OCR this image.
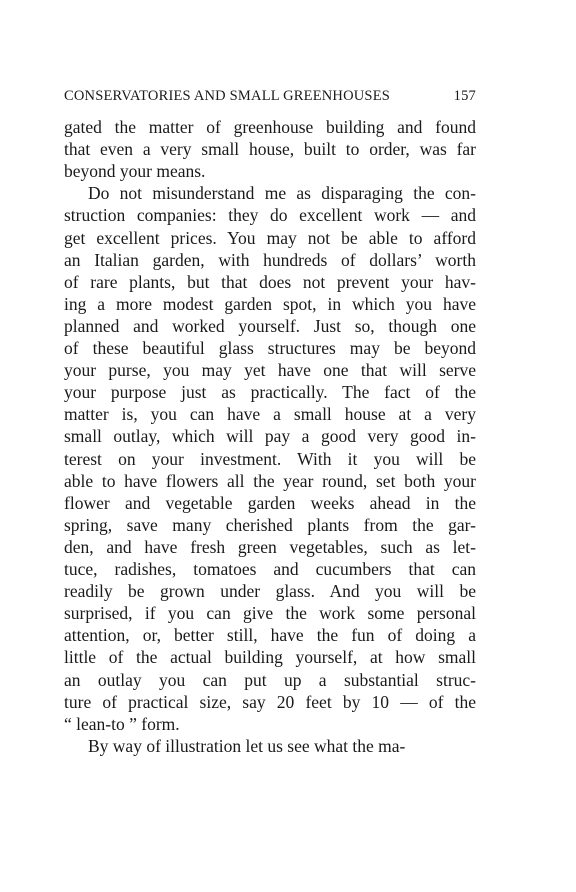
CONSERVATORIES AND SMALL GREENHOUSES	157
gated the matter of greenhouse building and found
that even a very small house, built to order, was far
beyond your means.
Do not misunderstand me as disparaging the con-
struction companies: they do excellent work — and
get excellent prices. You may not be able to afford
an Italian garden, with hundreds of dollars’ worth
of rare plants, but that does not prevent your hav-
ing a more modest garden spot, in which you have
planned and worked yourself. Just so, though one
of these beautiful glass structures may be beyond
your purse, you may yet have one that will serve
your purpose just as practically. The fact of the
matter is, you can have a small house at a very
small outlay, which will pay a good very good in-
terest on your investment. With it you will be
able to have flowers all the year round, set both your
flower and vegetable garden weeks ahead in the
spring, save many cherished plants from the gar-
den, and have fresh green vegetables, such as let-
tuce, radishes, tomatoes and cucumbers that can
readily be grown under glass. And you will be
surprised, if you can give the work some personal
attention, or, better still, have the fun of doing a
little of the actual building yourself, at how small
an outlay you can put up a substantial struc-
ture of practical size, say 20 feet by 10 — of the
“ lean-to ” form.
By way of illustration let us see what the ma-
